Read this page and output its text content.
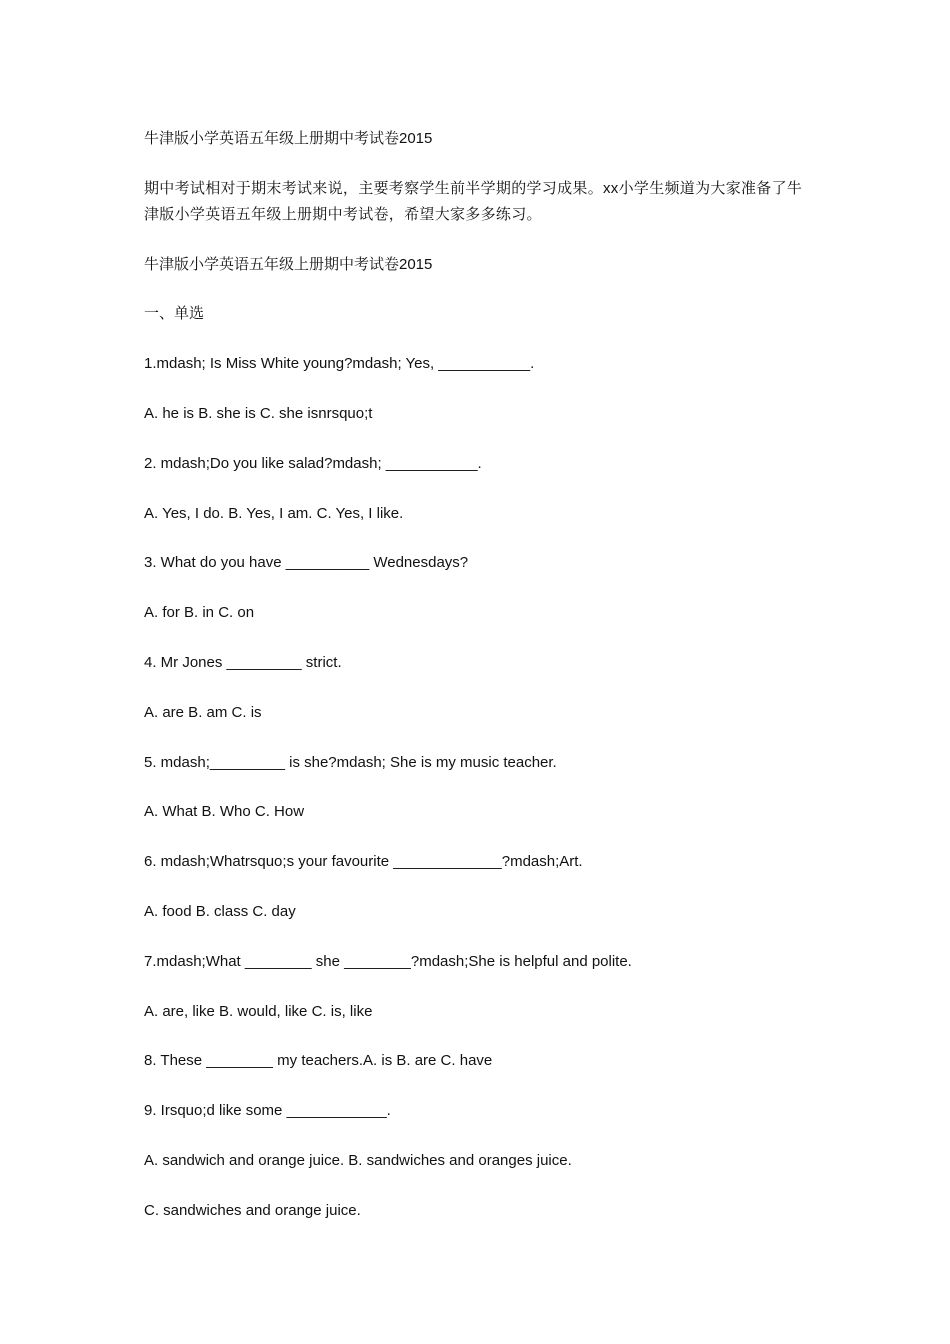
牛津版小学英语五年级上册期中考试卷2015

期中考试相对于期末考试来说，主要考察学生前半学期的学习成果。xx小学生频道为大家准备了牛津版小学英语五年级上册期中考试卷，希望大家多多练习。

牛津版小学英语五年级上册期中考试卷2015

一、单选

1.mdash; Is Miss White young?mdash; Yes, ___________.

A. he is B. she is C. she isnrsquo;t

2. mdash;Do you like salad?mdash; ___________.

A. Yes, I do. B. Yes, I am. C. Yes, I like.

3. What do you have __________ Wednesdays?

A. for B. in C. on

4. Mr Jones _________ strict.

A. are B. am C. is

5. mdash;_________ is she?mdash; She is my music teacher.

A. What B. Who C. How

6. mdash;Whatrsquo;s your favourite _____________?mdash;Art.

A. food B. class C. day

7.mdash;What ________ she ________?mdash;She is helpful and polite.

A. are, like B. would, like C. is, like

8. These ________ my teachers.A. is B. are C. have

9. Irsquo;d like some ____________.

A. sandwich and orange juice. B. sandwiches and oranges juice.

C. sandwiches and orange juice.
